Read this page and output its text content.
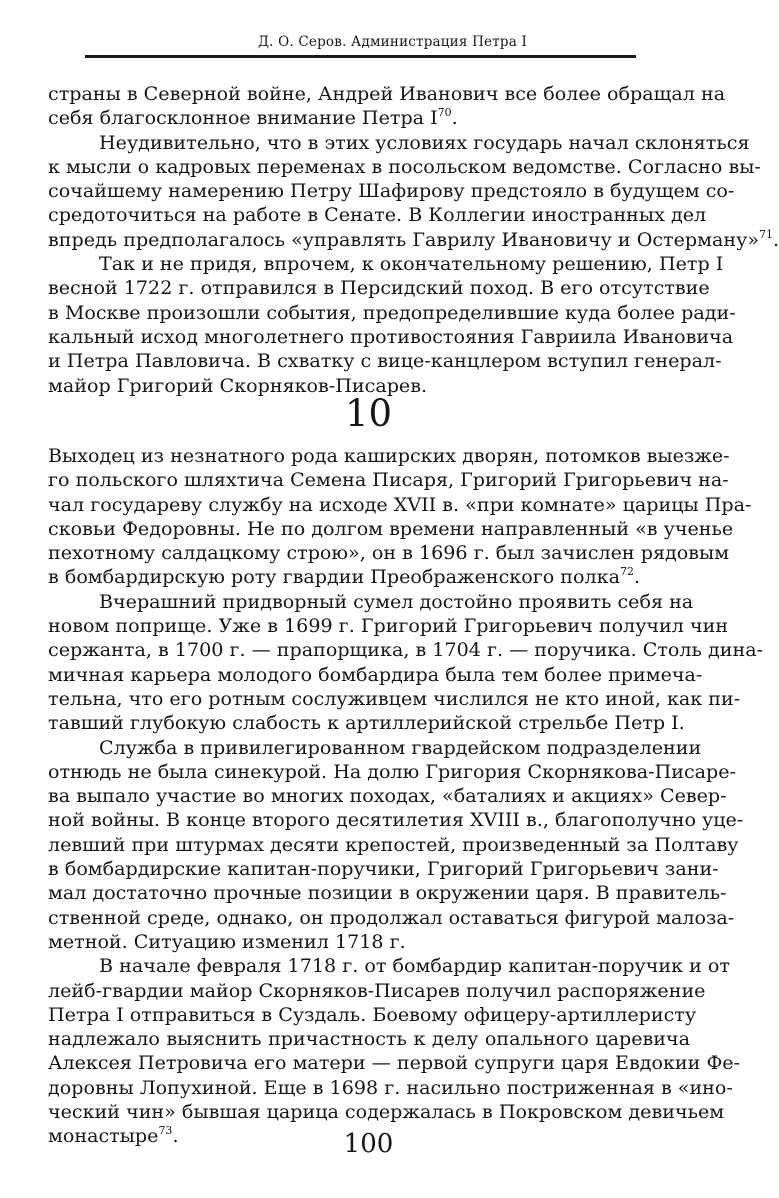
Д. О. Серов. Администрация Петра I
страны в Северной войне, Андрей Иванович все более обращал на
себя благосклонное внимание Петра $I^{70}$.
Неудивительно, что в этих условиях государь начал склоняться
к мысли о кадровых переменах в посольском ведомстве. Согласно вы-
сочайшему намерению Петру Шафирову предстояло в будущем со-
средоточиться на работе в Сенате. В Коллегии иностранных дел
впредь предполагалось «управлять Гаврилу Ивановичу и Остерману»$^{71}$.
Так и не придя, впрочем, к окончательному решению, Петр I
весной 1722 г. отправился в Персидский поход. В его отсутствие
в Москве произошли события, предопределившие куда более ради-
кальный исход многолетнего противостояния Гавриила Ивановича
и Петра Павловича. В схватку с вице-канцлером вступил генерал-
майор Григорий Скорняков-Писарев.
10
Выходец из незнатного рода каширских дворян, потомков выезже-
го польского шляхтича Семена Писаря, Григорий Григорьевич на-
чал государеву службу на исходе XVII в. «при комнате» царицы Пра-
сковьи Федоровны. Не по долгом времени направленный «в ученье
пехотному салдацкому строю», он в 1696 г. был зачислен рядовым
в бомбардирскую роту гвардии Преображенского полка$^{72}$.
Вчерашний придворный сумел достойно проявить себя на
новом поприще. Уже в 1699 г. Григорий Григорьевич получил чин
сержанта, в 1700 г. — прапорщика, в 1704 г. — поручика. Столь дина-
мичная карьера молодого бомбардира была тем более примеча-
тельна, что его ротным сослуживцем числился не кто иной, как пи-
тавший глубокую слабость к артиллерийской стрельбе Петр I.
Служба в привилегированном гвардейском подразделении
отнюдь не была синекурой. На долю Григория Скорнякова-Писаре-
ва выпало участие во многих походах, «баталиях и акциях» Север-
ной войны. В конце второго десятилетия XVIII в., благополучно уце-
левший при штурмах десяти крепостей, произведенный за Полтаву
в бомбардирские капитан-поручики, Григорий Григорьевич зани-
мал достаточно прочные позиции в окружении царя. В правитель-
ственной среде, однако, он продолжал оставаться фигурой малоза-
метной. Ситуацию изменил 1718 г.
В начале февраля 1718 г. от бомбардир капитан-поручик и от
лейб-гвардии майор Скорняков-Писарев получил распоряжение
Петра I отправиться в Суздаль. Боевому офицеру-артиллеристу
надлежало выяснить причастность к делу опального царевича
Алексея Петровича его матери — первой супруги царя Евдокии Фе-
доровны Лопухиной. Еще в 1698 г. насильно постриженная в «ино-
ческий чин» бывшая царица содержалась в Покровском девичьем
монастыре$^{73}$.	100
